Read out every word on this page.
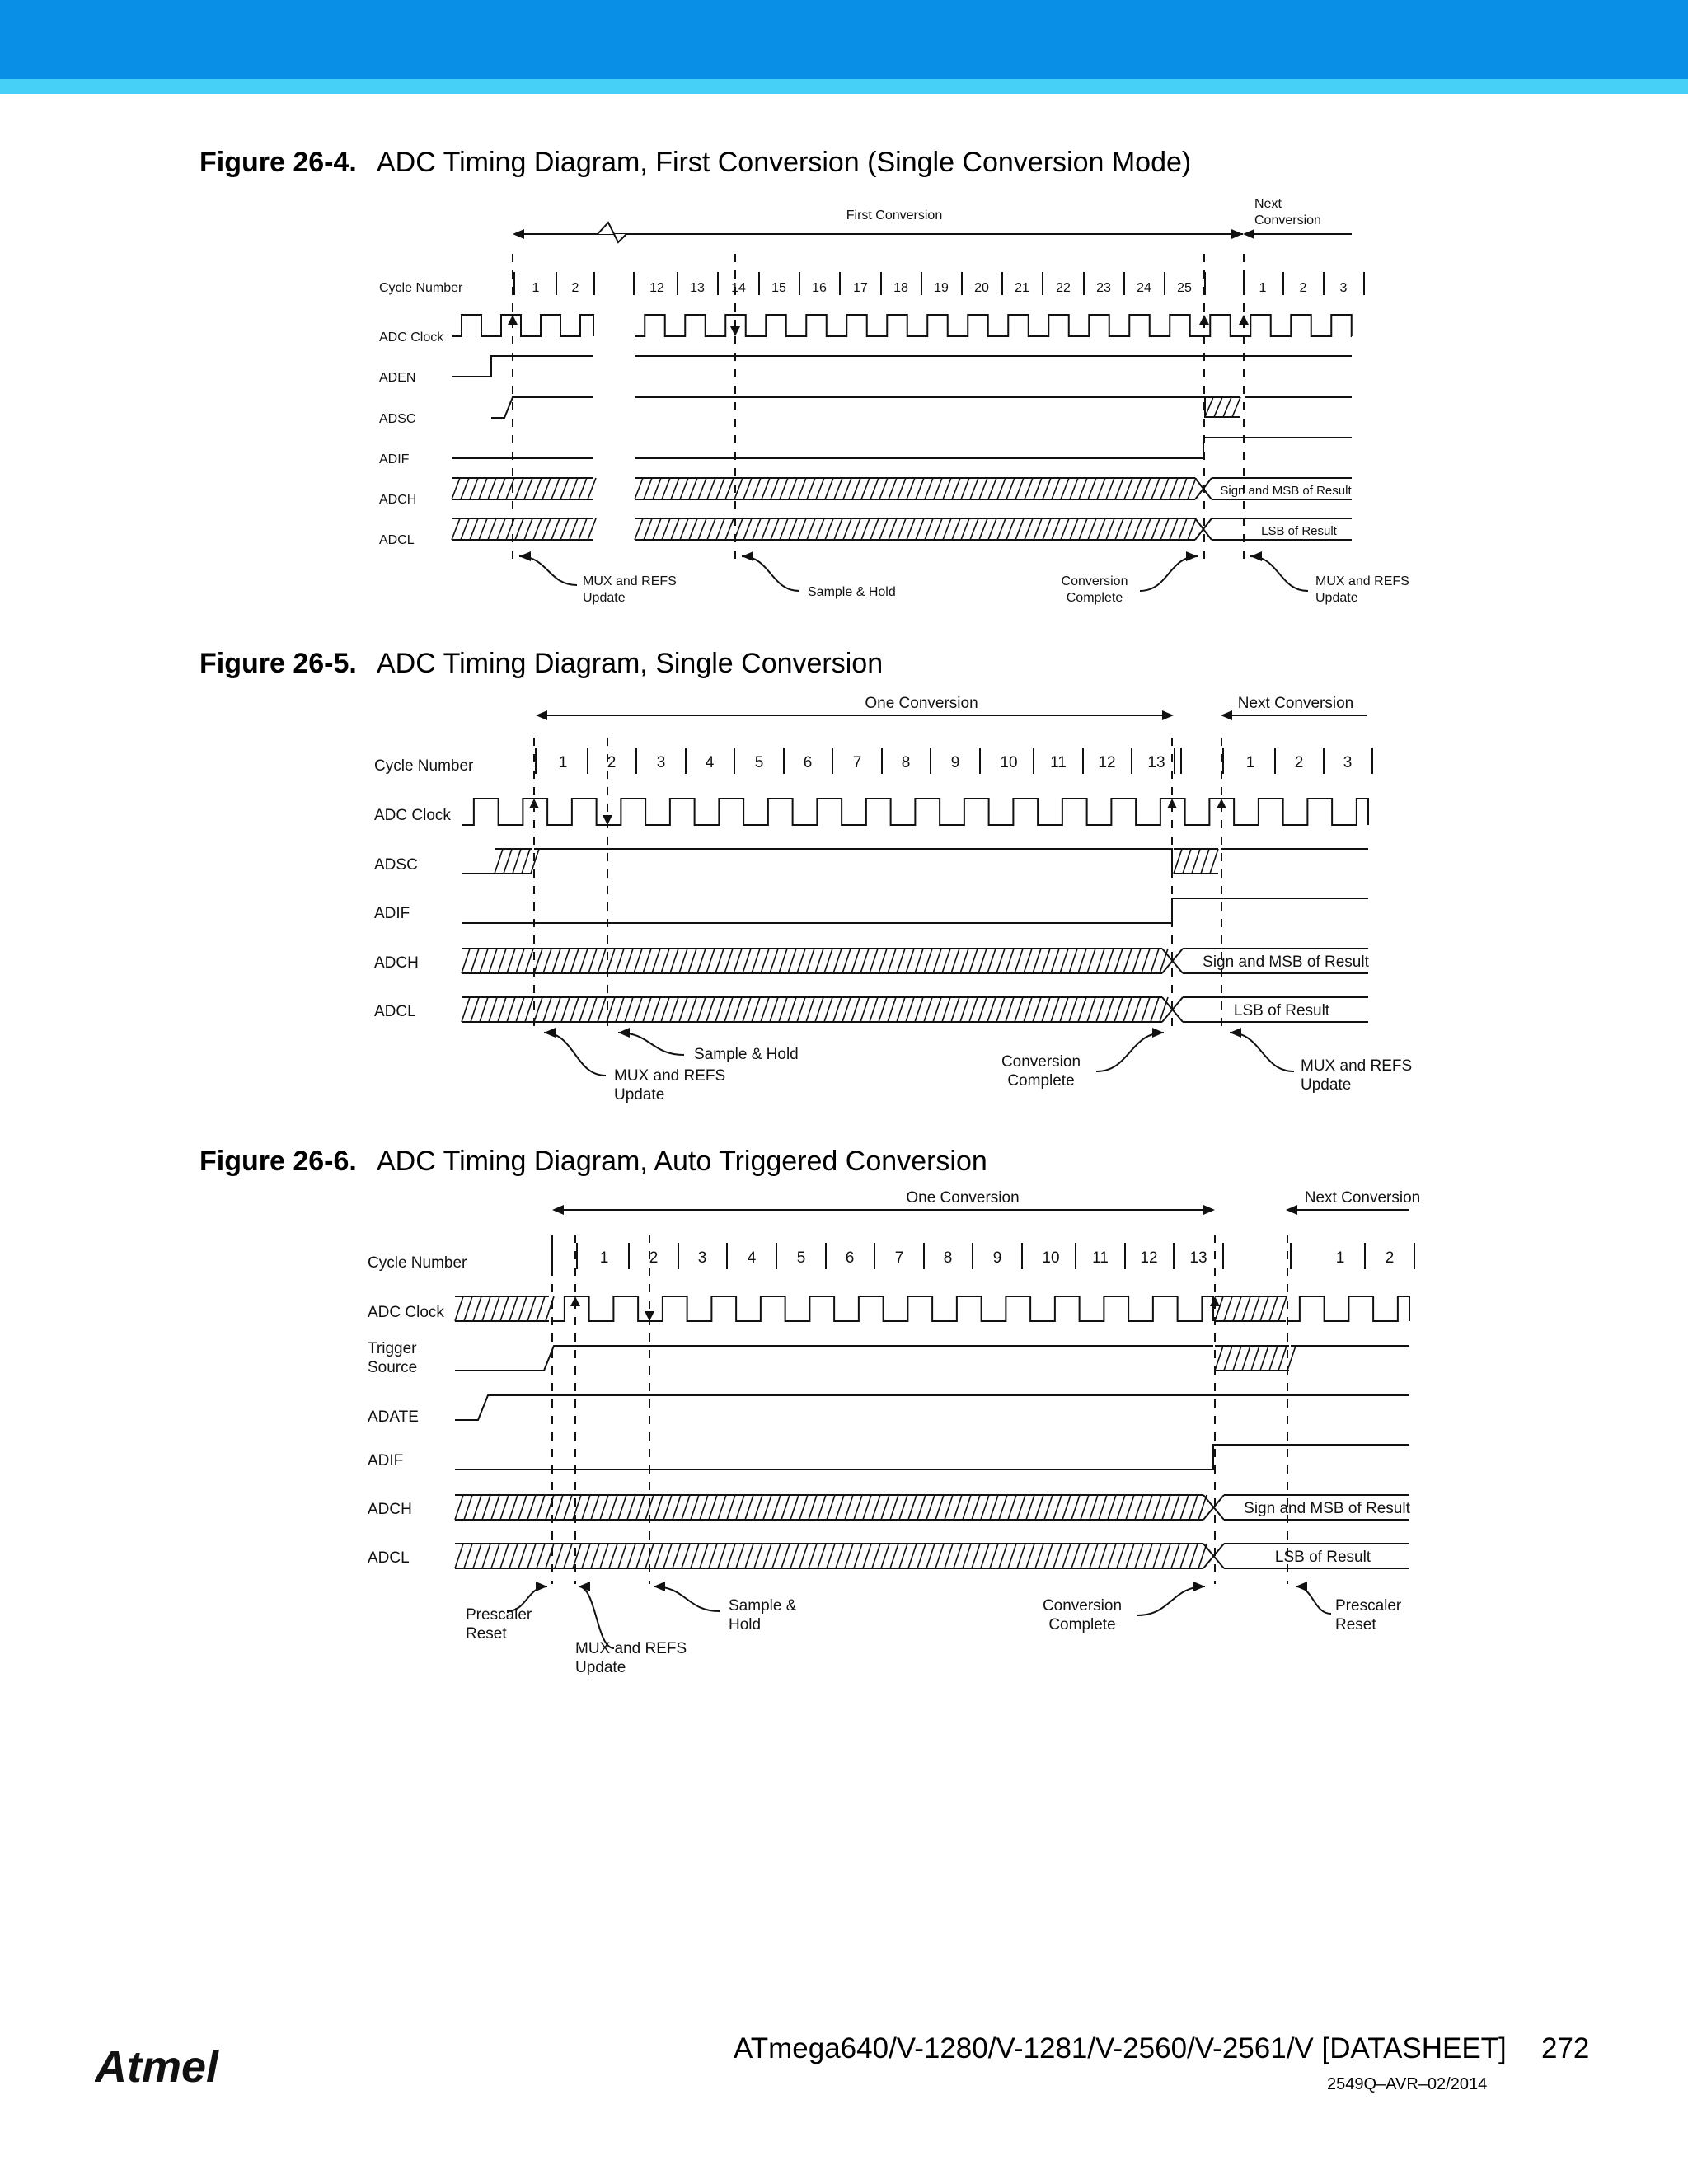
Figure 26-4. ADC Timing Diagram, First Conversion (Single Conversion Mode)
First Conversion
Next Conversion
Cycle Number
ADC Clock
ADEN
ADSC
ADIF
ADCH
ADCL
1 2	12 13 14 15 16 17 18 19 20 21 22 23 24 25	1	2	3
Sign and MSB of Result
LSB of Result
MUX and REFS Update	Sample & Hold
Conversion Complete
MUX and REFS Update
Figure 26-5. ADC Timing Diagram, Single Conversion
One Conversion	Next Conversion
Cycle Number
ADC Clock
ADSC
ADIF
ADCH
ADCL
1	2	3	4	5	6	7	8	9	10 11 12 13	1	2	3
Sign and MSB of Result
LSB of Result
Sample & Hold
MUX and REFS Update
Conversion Complete
MUX and REFS Update
Figure 26-6. ADC Timing Diagram, Auto Triggered Conversion
One Conversion	Next Conversion
Cycle Number
ADC Clock
Trigger Source
ADATE
ADIF
ADCH
ADCL
1	2	3	4	5	6	7	8	9	10 11 12 13	1	2
Sign and MSB of Result
LSB of Result
Prescaler Reset
MUX and REFS Update
Sample & Hold
Conversion Complete
Prescaler Reset
Atmel	ATmega640/V-1280/V-1281/V-2560/V-2561/V [DATASHEET] 272
2549Q–AVR–02/2014
